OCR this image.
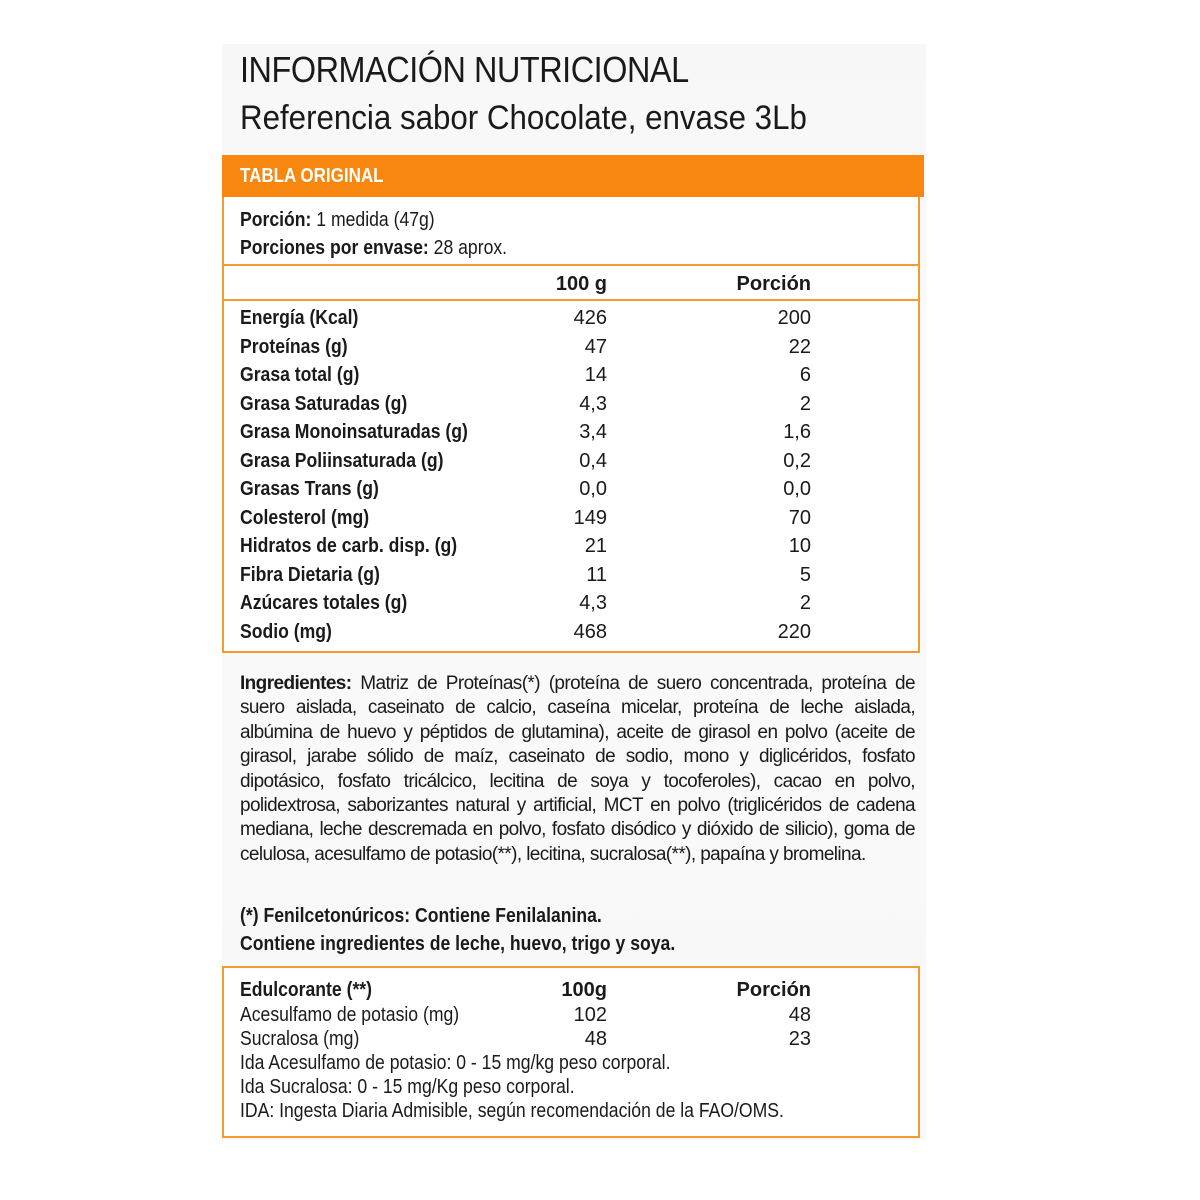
INFORMACIÓN NUTRICIONAL
Referencia sabor Chocolate, envase 3Lb
TABLA ORIGINAL
Porción: 1 medida (47g)
Porciones por envase: 28 aprox.
100 g	Porción
Energía (Kcal)	426	200
Proteínas (g)	47	22
Grasa total (g)	14	6
Grasa Saturadas (g)	4,3	2
Grasa Monoinsaturadas (g)	3,4	1,6
Grasa Poliinsaturada (g)	0,4	0,2
Grasas Trans (g)	0,0	0,0
Colesterol (mg)	149	70
Hidratos de carb. disp. (g)	21	10
Fibra Dietaria (g)	11	5
Azúcares totales (g)	4,3	2
Sodio (mg)	468	220
Ingredientes: Matriz de Proteínas(*) (proteína de suero concentrada, proteína de suero aislada, caseinato de calcio, caseína micelar, proteína de leche aislada, albúmina de huevo y péptidos de glutamina), aceite de girasol en polvo (aceite de girasol, jarabe sólido de maíz, caseinato de sodio, mono y diglicéridos, fosfato dipotásico, fosfato tricálcico, lecitina de soya y tocoferoles), cacao en polvo, polidextrosa, saborizantes natural y artificial, MCT en polvo (triglicéridos de cadena mediana, leche descremada en polvo, fosfato disódico y dióxido de silicio), goma de celulosa, acesulfamo de potasio(**), lecitina, sucralosa(**), papaína y bromelina.
(*) Fenilcetonúricos: Contiene Fenilalanina.
Contiene ingredientes de leche, huevo, trigo y soya.
Edulcorante (**)	100g	Porción
Acesulfamo de potasio (mg)	102	48
Sucralosa (mg)	48	23
Ida Acesulfamo de potasio: 0 - 15 mg/kg peso corporal.
Ida Sucralosa: 0 - 15 mg/Kg peso corporal.
IDA: Ingesta Diaria Admisible, según recomendación de la FAO/OMS.
